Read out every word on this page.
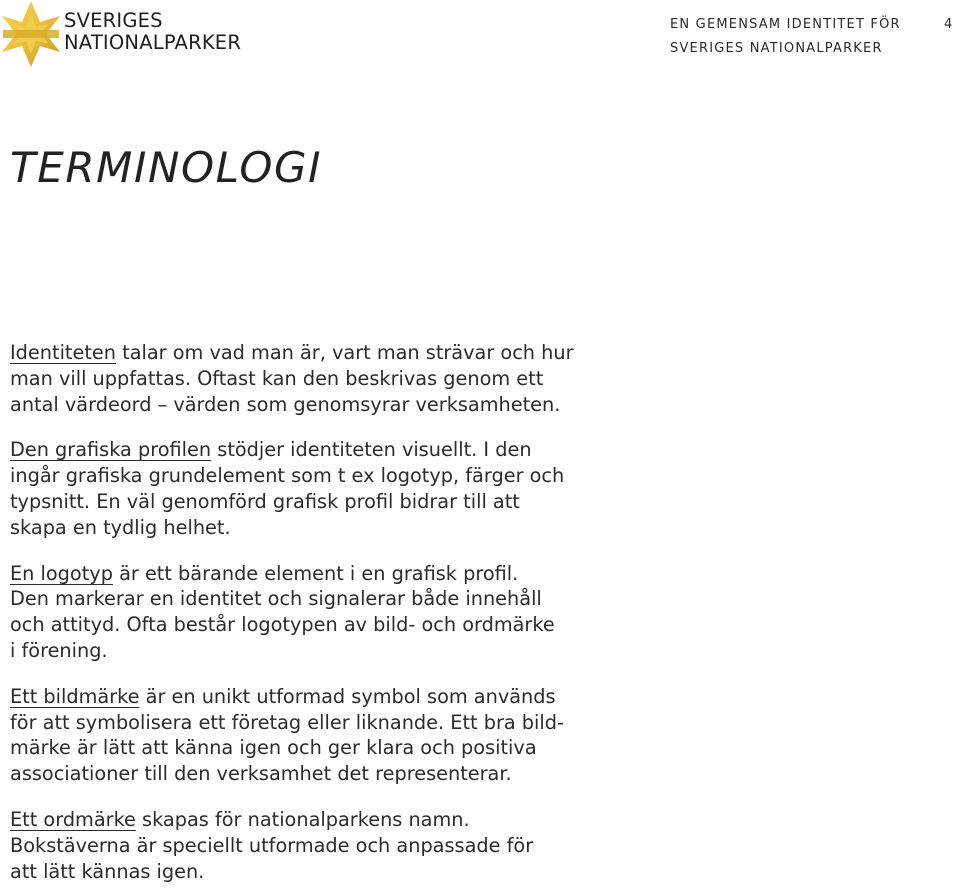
SVERIGES
NATIONALPARKER
EN GEMENSAM IDENTITET FÖR
SVERIGES NATIONALPARKER
4
TERMINOLOGI

Identiteten talar om vad man är, vart man strävar och hur
man vill uppfattas. Oftast kan den beskrivas genom ett
antal värdeord – värden som genomsyrar verksamheten.

Den grafiska profilen stödjer identiteten visuellt. I den
ingår grafiska grundelement som t ex logotyp, färger och
typsnitt. En väl genomförd grafisk profil bidrar till att
skapa en tydlig helhet.

En logotyp är ett bärande element i en grafisk profil.
Den markerar en identitet och signalerar både innehåll
och attityd. Ofta består logotypen av bild- och ordmärke
i förening.

Ett bildmärke är en unikt utformad symbol som används
för att symbolisera ett företag eller liknande. Ett bra bild-
märke är lätt att känna igen och ger klara och positiva
associationer till den verksamhet det representerar.

Ett ordmärke skapas för nationalparkens namn.
Bokstäverna är speciellt utformade och anpassade för
att lätt kännas igen.
